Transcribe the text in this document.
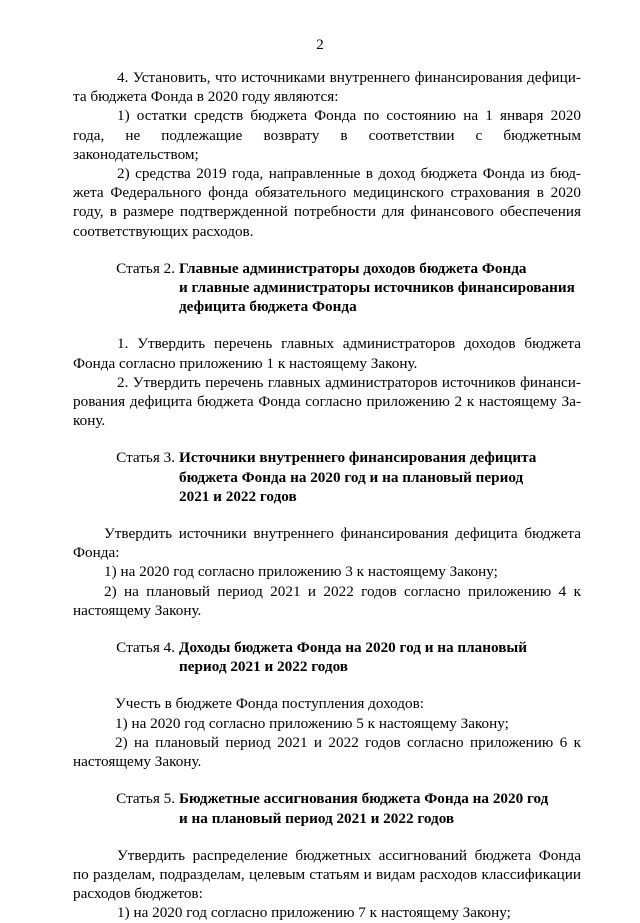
2

4. Установить, что источниками внутреннего финансирования дефици-та бюджета Фонда в 2020 году являются:

1) остатки средств бюджета Фонда по состоянию на 1 января 2020 года, не подлежащие возврату в соответствии с бюджетным законодательством;

2) средства 2019 года, направленные в доход бюджета Фонда из бюд-жета Федерального фонда обязательного медицинского страхования в 2020 году, в размере подтвержденной потребности для финансового обеспечения соответствующих расходов.

Статья 2. Главные администраторы доходов бюджета Фонда
и главные администраторы источников финансирования
дефицита бюджета Фонда

1. Утвердить перечень главных администраторов доходов бюджета Фонда согласно приложению 1 к настоящему Закону.

2. Утвердить перечень главных администраторов источников финанси-рования дефицита бюджета Фонда согласно приложению 2 к настоящему За-кону.

Статья 3. Источники внутреннего финансирования дефицита
бюджета Фонда на 2020 год и на плановый период
2021 и 2022 годов

Утвердить источники внутреннего финансирования дефицита бюджета Фонда:

1) на 2020 год согласно приложению 3 к настоящему Закону;

2) на плановый период 2021 и 2022 годов согласно приложению 4 к настоящему Закону.

Статья 4. Доходы бюджета Фонда на 2020 год и на плановый
период 2021 и 2022 годов

Учесть в бюджете Фонда поступления доходов:

1) на 2020 год согласно приложению 5 к настоящему Закону;

2) на плановый период 2021 и 2022 годов согласно приложению 6 к настоящему Закону.

Статья 5. Бюджетные ассигнования бюджета Фонда на 2020 год
и на плановый период 2021 и 2022 годов

Утвердить распределение бюджетных ассигнований бюджета Фонда по разделам, подразделам, целевым статьям и видам расходов классификации расходов бюджетов:

1) на 2020 год согласно приложению 7 к настоящему Закону;
